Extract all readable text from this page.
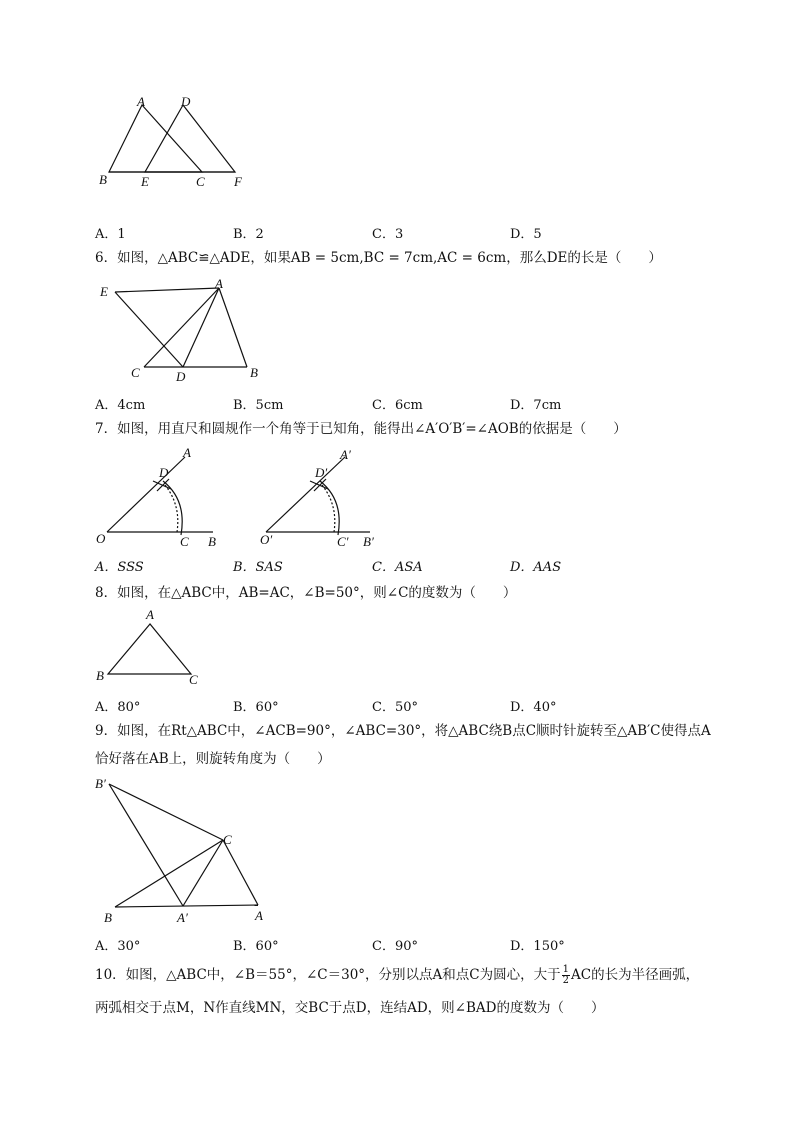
A	D
B	E	C F
A．1	B．2	C．3	D．5
6．如图，△ABC≌△ADE，如果AB = 5cm,BC = 7cm,AC = 6cm，那么DE的长是（　　）
E
A
C	D	B
A．4cm	B．5cm	C．6cm	D．7cm
7．如图，用直尺和圆规作一个角等于已知角，能得出∠A′O′B′=∠AOB的依据是（　　）
A
D
O	C B
A′
D′
O′	C′ B′
A．SSS	B．SAS	C．ASA	D．AAS
8．如图，在△ABC中，AB=AC，∠B=50°，则∠C的度数为（　　）
A
B	C
A．80°	B．60°	C．50°	D．40°
9．如图，在Rt△ABC中，∠ACB=90°，∠ABC=30°，将△ABC绕B点C顺时针旋转至△AB′C使得点A
恰好落在AB上，则旋转角度为（　　）
B′
C
B	A′	A
A．30°	B．60°	C．90°	D．150°
10．如图，△ABC中，∠B＝55°，∠C＝30°，分别以点A和点C为圆心，大于 $\frac{1}{2}$ AC的长为半径画弧，
两弧相交于点M，N作直线MN，交BC于点D，连结AD，则∠BAD的度数为（　　）
